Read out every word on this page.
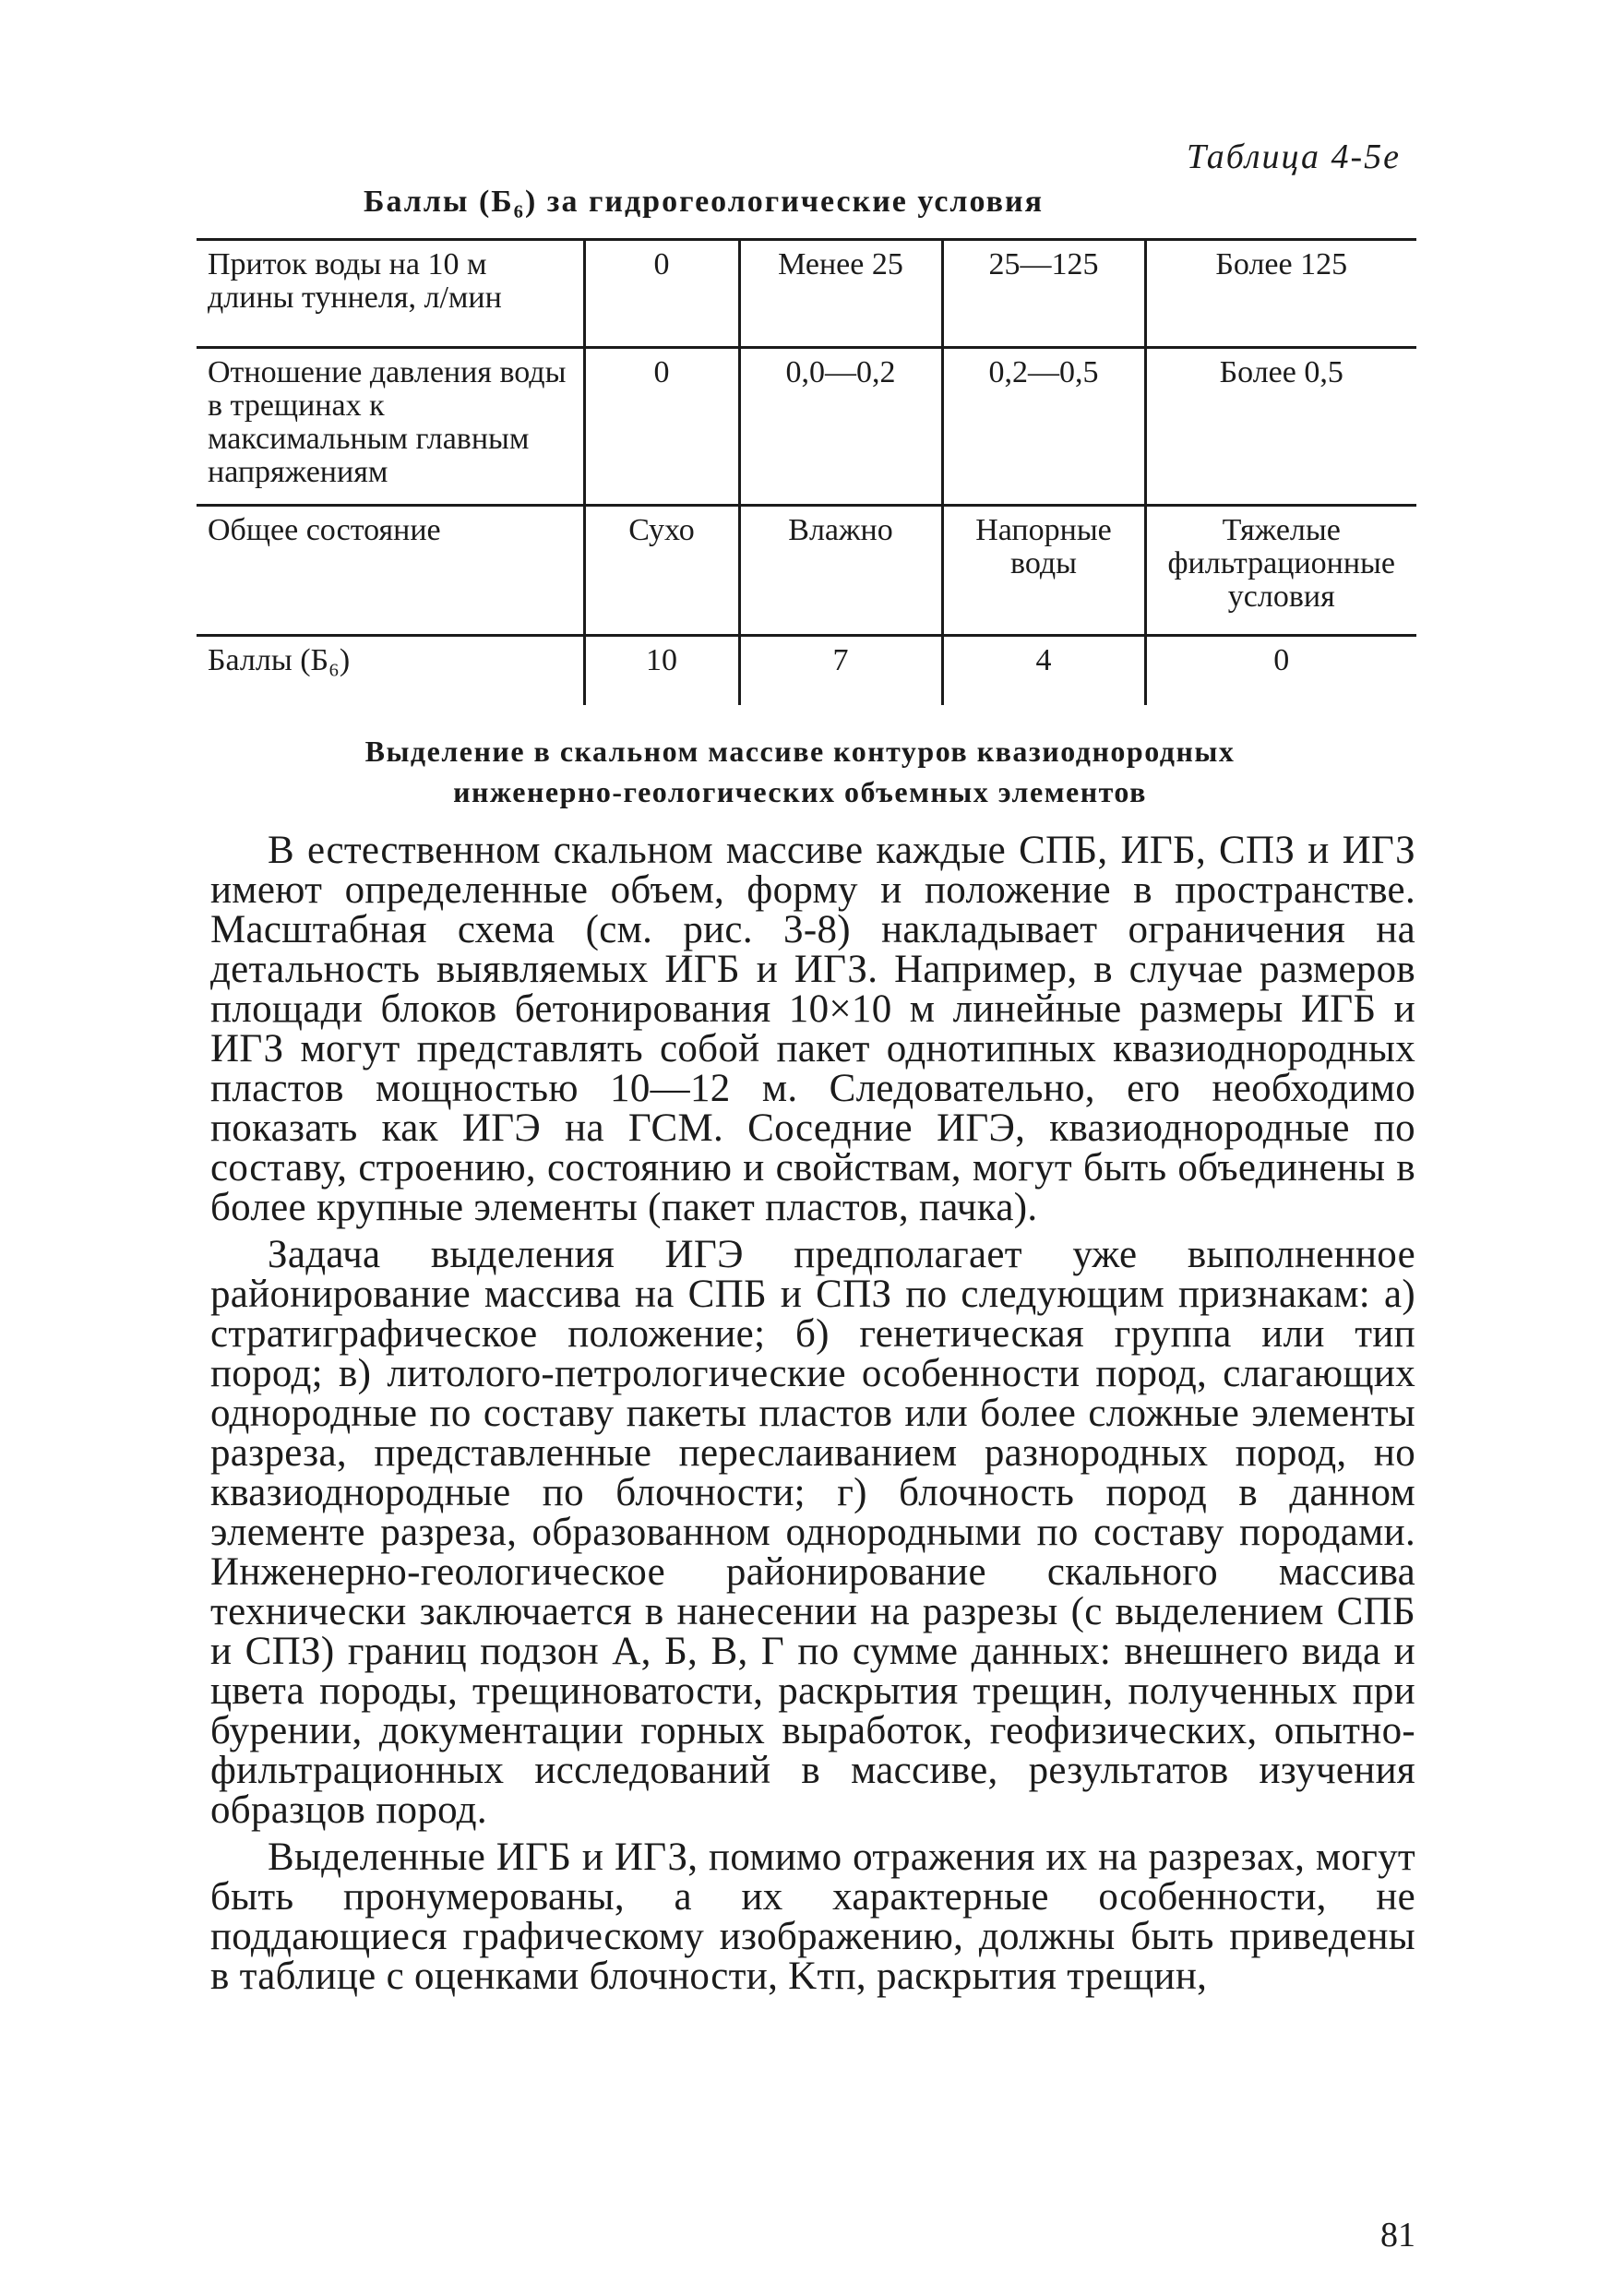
Таблица 4-5е
Баллы (Б₆) за гидрогеологические условия
Приток воды на 10 м длины туннеля, л/мин	0	Менее 25	25—125	Более 125
Отношение давления воды в трещинах к максимальным главным напряжениям	0	0,0—0,2	0,2—0,5	Более 0,5
Общее состояние	Сухо	Влажно	Напорные воды	Тяжелые фильтрационные условия
Баллы (Б₆)	10	7	4	0
Выделение в скальном массиве контуров квазиоднородных
инженерно-геологических объемных элементов

В естественном скальном массиве каждые СПБ, ИГБ, СПЗ и ИГЗ имеют определенные объем, форму и положение в пространстве. Масштабная схема (см. рис. 3-8) накладывает ограничения на детальность выявляемых ИГБ и ИГЗ. Например, в случае размеров площади блоков бетонирования 10×10 м линейные размеры ИГБ и ИГЗ могут представлять собой пакет однотипных квазиоднородных пластов мощностью 10—12 м. Следовательно, его необходимо показать как ИГЭ на ГСМ. Соседние ИГЭ, квазиоднородные по составу, строению, состоянию и свойствам, могут быть объединены в более крупные элементы (пакет пластов, пачка).

Задача выделения ИГЭ предполагает уже выполненное районирование массива на СПБ и СПЗ по следующим признакам: а) стратиграфическое положение; б) генетическая группа или тип пород; в) литолого-петрологические особенности пород, слагающих однородные по составу пакеты пластов или более сложные элементы разреза, представленные переслаиванием разнородных пород, но квазиоднородные по блочности; г) блочность пород в данном элементе разреза, образованном однородными по составу породами. Инженерно-геологическое районирование скального массива технически заключается в нанесении на разрезы (с выделением СПБ и СПЗ) границ подзон А, Б, В, Г по сумме данных: внешнего вида и цвета породы, трещиноватости, раскрытия трещин, полученных при бурении, документации горных выработок, геофизических, опытно-фильтрационных исследований в массиве, результатов изучения образцов пород.

Выделенные ИГБ и ИГЗ, помимо отражения их на разрезах, могут быть пронумерованы, а их характерные особенности, не поддающиеся графическому изображению, должны быть приведены в таблице с оценками блочности, Kтп, раскрытия трещин,

81
